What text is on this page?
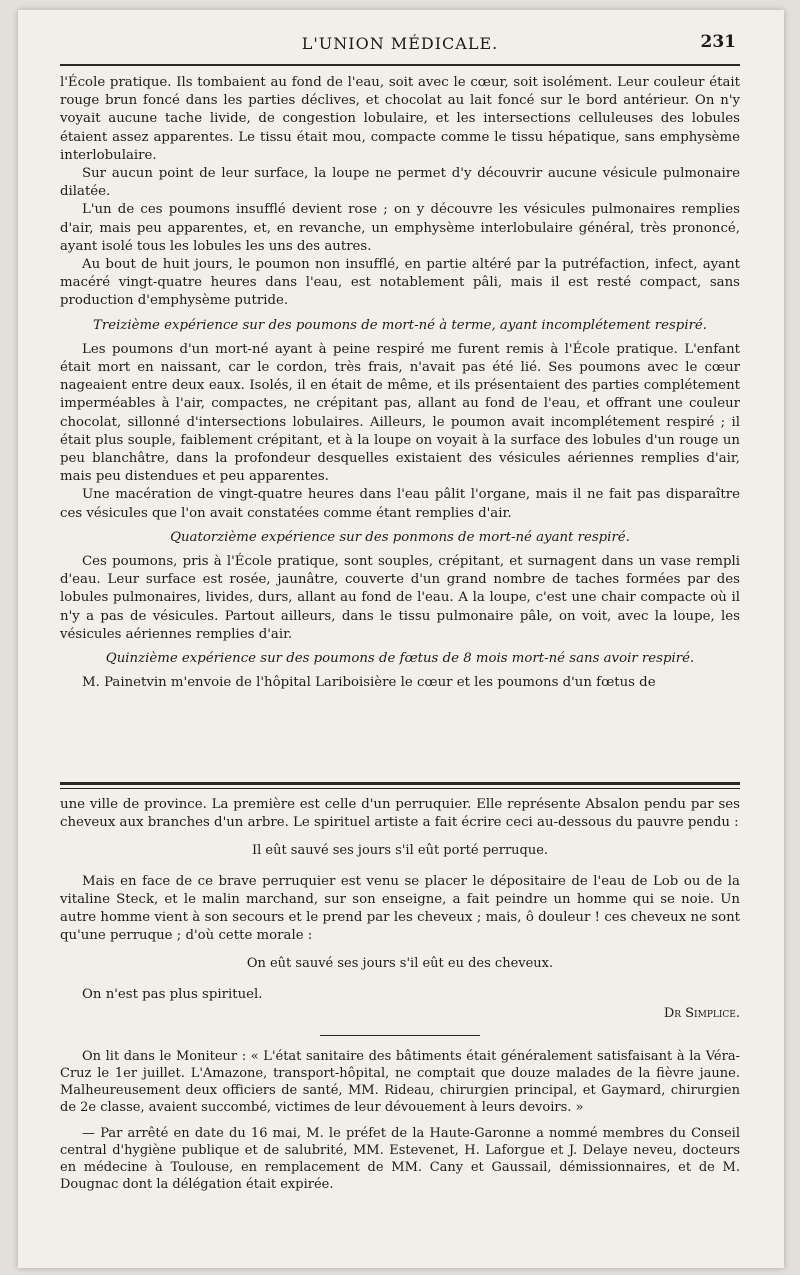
L'UNION MÉDICALE.	231

l'École pratique. Ils tombaient au fond de l'eau, soit avec le cœur, soit isolément. Leur couleur était rouge brun foncé dans les parties déclives, et chocolat au lait foncé sur le bord antérieur. On n'y voyait aucune tache livide, de congestion lobulaire, et les intersections celluleuses des lobules étaient assez apparentes. Le tissu était mou, compacte comme le tissu hépatique, sans emphysème interlobulaire.

Sur aucun point de leur surface, la loupe ne permet d'y découvrir aucune vésicule pulmonaire dilatée.

L'un de ces poumons insufflé devient rose ; on y découvre les vésicules pulmonaires remplies d'air, mais peu apparentes, et, en revanche, un emphysème interlobulaire général, très prononcé, ayant isolé tous les lobules les uns des autres.

Au bout de huit jours, le poumon non insufflé, en partie altéré par la putréfaction, infect, ayant macéré vingt-quatre heures dans l'eau, est notablement pâli, mais il est resté compact, sans production d'emphysème putride.

Treizième expérience sur des poumons de mort-né à terme, ayant incomplétement respiré.

Les poumons d'un mort-né ayant à peine respiré me furent remis à l'École pratique. L'enfant était mort en naissant, car le cordon, très frais, n'avait pas été lié. Ses poumons avec le cœur nageaient entre deux eaux. Isolés, il en était de même, et ils présentaient des parties complétement imperméables à l'air, compactes, ne crépitant pas, allant au fond de l'eau, et offrant une couleur chocolat, sillonné d'intersections lobulaires. Ailleurs, le poumon avait incomplétement respiré ; il était plus souple, faiblement crépitant, et à la loupe on voyait à la surface des lobules d'un rouge un peu blanchâtre, dans la profondeur desquelles existaient des vésicules aériennes remplies d'air, mais peu distendues et peu apparentes.

Une macération de vingt-quatre heures dans l'eau pâlit l'organe, mais il ne fait pas disparaître ces vésicules que l'on avait constatées comme étant remplies d'air.

Quatorzième expérience sur des ponmons de mort-né ayant respiré.

Ces poumons, pris à l'École pratique, sont souples, crépitant, et surnagent dans un vase rempli d'eau. Leur surface est rosée, jaunâtre, couverte d'un grand nombre de taches formées par des lobules pulmonaires, livides, durs, allant au fond de l'eau. A la loupe, c'est une chair compacte où il n'y a pas de vésicules. Partout ailleurs, dans le tissu pulmonaire pâle, on voit, avec la loupe, les vésicules aériennes remplies d'air.

Quinzième expérience sur des poumons de fœtus de 8 mois mort-né sans avoir respiré.

M. Painetvin m'envoie de l'hôpital Lariboisière le cœur et les poumons d'un fœtus de

une ville de province. La première est celle d'un perruquier. Elle représente Absalon pendu par ses cheveux aux branches d'un arbre. Le spirituel artiste a fait écrire ceci au-dessous du pauvre pendu :

Il eût sauvé ses jours s'il eût porté perruque.

Mais en face de ce brave perruquier est venu se placer le dépositaire de l'eau de Lob ou de la vitaline Steck, et le malin marchand, sur son enseigne, a fait peindre un homme qui se noie. Un autre homme vient à son secours et le prend par les cheveux ; mais, ô douleur ! ces cheveux ne sont qu'une perruque ; d'où cette morale :

On eût sauvé ses jours s'il eût eu des cheveux.

On n'est pas plus spirituel.

Dr Simplice.

On lit dans le Moniteur : « L'état sanitaire des bâtiments était généralement satisfaisant à la Véra-Cruz le 1er juillet. L'Amazone, transport-hôpital, ne comptait que douze malades de la fièvre jaune. Malheureusement deux officiers de santé, MM. Rideau, chirurgien principal, et Gaymard, chirurgien de 2e classe, avaient succombé, victimes de leur dévouement à leurs devoirs. »

— Par arrêté en date du 16 mai, M. le préfet de la Haute-Garonne a nommé membres du Conseil central d'hygiène publique et de salubrité, MM. Estevenet, H. Laforgue et J. Delaye neveu, docteurs en médecine à Toulouse, en remplacement de MM. Cany et Gaussail, démissionnaires, et de M. Dougnac dont la délégation était expirée.
